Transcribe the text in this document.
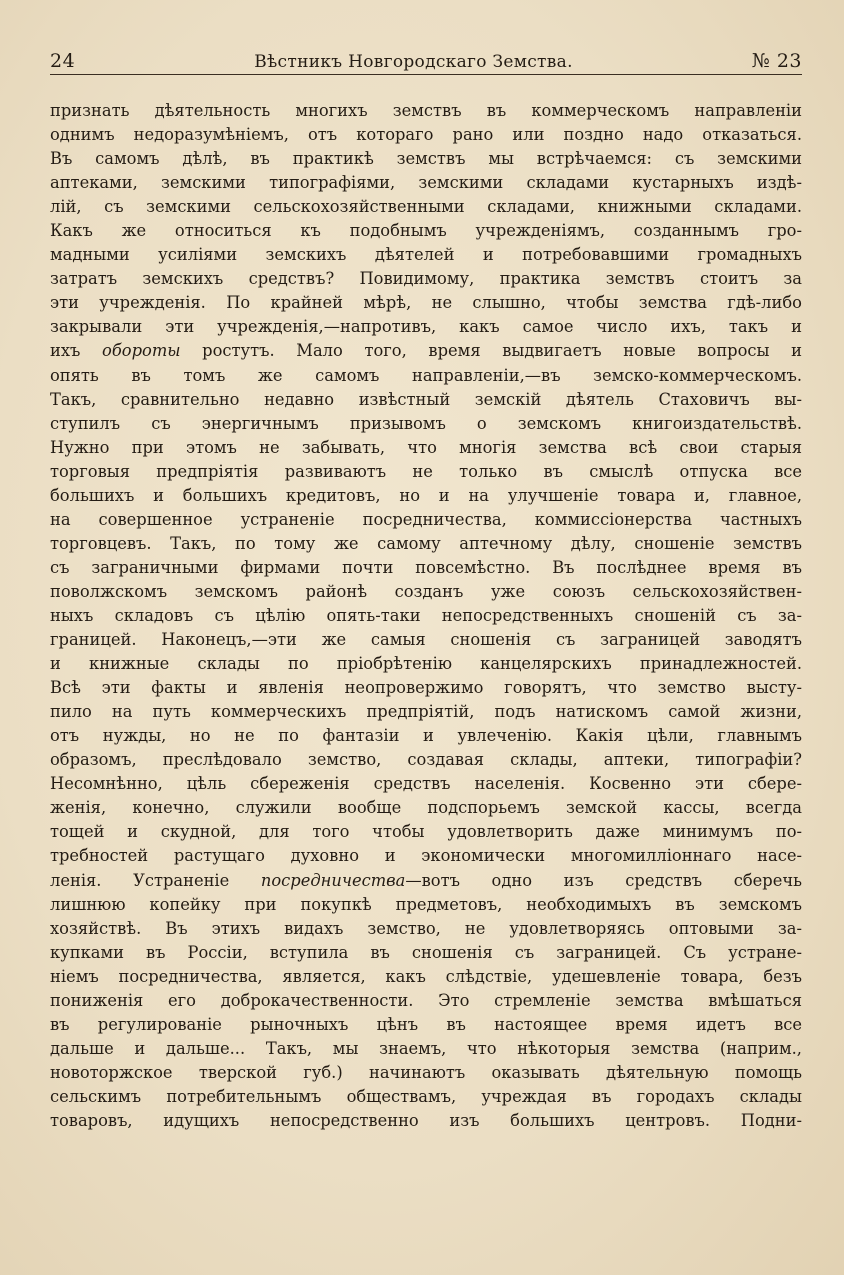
24	Вѣстникъ Новгородскаго Земства.	№ 23
признать дѣятельность многихъ земствъ въ коммерческомъ направленіи
однимъ недоразумѣніемъ, отъ котораго рано или поздно надо отказаться.
Въ самомъ дѣлѣ, въ практикѣ земствъ мы встрѣчаемся: съ земскими
аптеками, земскими типографіями, земскими складами кустарныхъ издѣ-
лій, съ земскими сельскохозяйственными складами, книжными складами.
Какъ же относиться къ подобнымъ учрежденіямъ, созданнымъ гро-
мадными усиліями земскихъ дѣятелей и потребовавшими громадныхъ
затратъ земскихъ средствъ? Повидимому, практика земствъ стоитъ за
эти учрежденія. По крайней мѣрѣ, не слышно, чтобы земства гдѣ-либо
закрывали эти учрежденія,—напротивъ, какъ самое число ихъ, такъ и
ихъ обороты ростутъ. Мало того, время выдвигаетъ новые вопросы и
опять въ томъ же самомъ направленіи,—въ земско-коммерческомъ.
Такъ, сравнительно недавно извѣстный земскій дѣятель Стаховичъ вы-
ступилъ съ энергичнымъ призывомъ о земскомъ книгоиздательствѣ.
Нужно при этомъ не забывать, что многія земства всѣ свои старыя
торговыя предпріятія развиваютъ не только въ смыслѣ отпуска все
большихъ и большихъ кредитовъ, но и на улучшеніе товара и, главное,
на совершенное устраненіе посредничества, коммиссіонерства частныхъ
торговцевъ. Такъ, по тому же самому аптечному дѣлу, сношеніе земствъ
съ заграничными фирмами почти повсемѣстно. Въ послѣднее время въ
поволжскомъ земскомъ районѣ созданъ уже союзъ сельскохозяйствен-
ныхъ складовъ съ цѣлію опять-таки непосредственныхъ сношеній съ за-
границей. Наконецъ,—эти же самыя сношенія съ заграницей заводятъ
и книжные склады по пріобрѣтенію канцелярскихъ принадлежностей.
Всѣ эти факты и явленія неопровержимо говорятъ, что земство высту-
пило на путь коммерческихъ предпріятій, подъ натискомъ самой жизни,
отъ нужды, но не по фантазіи и увлеченію. Какія цѣли, главнымъ
образомъ, преслѣдовало земство, создавая склады, аптеки, типографіи?
Несомнѣнно, цѣль сбереженія средствъ населенія. Косвенно эти сбере-
женія, конечно, служили вообще подспорьемъ земской кассы, всегда
тощей и скудной, для того чтобы удовлетворить даже минимумъ по-
требностей растущаго духовно и экономически многомилліоннаго насе-
ленія. Устраненіе посредничества—вотъ одно изъ средствъ сберечь
лишнюю копейку при покупкѣ предметовъ, необходимыхъ въ земскомъ
хозяйствѣ. Въ этихъ видахъ земство, не удовлетворяясь оптовыми за-
купками въ Россіи, вступила въ сношенія съ заграницей. Съ устране-
ніемъ посредничества, является, какъ слѣдствіе, удешевленіе товара, безъ
пониженія его доброкачественности. Это стремленіе земства вмѣшаться
въ регулированіе рыночныхъ цѣнъ въ настоящее время идетъ все
дальше и дальше... Такъ, мы знаемъ, что нѣкоторыя земства (наприм.,
новоторжское тверской губ.) начинаютъ оказывать дѣятельную помощь
сельскимъ потребительнымъ обществамъ, учреждая въ городахъ склады
товаровъ, идущихъ непосредственно изъ большихъ центровъ. Подни-
